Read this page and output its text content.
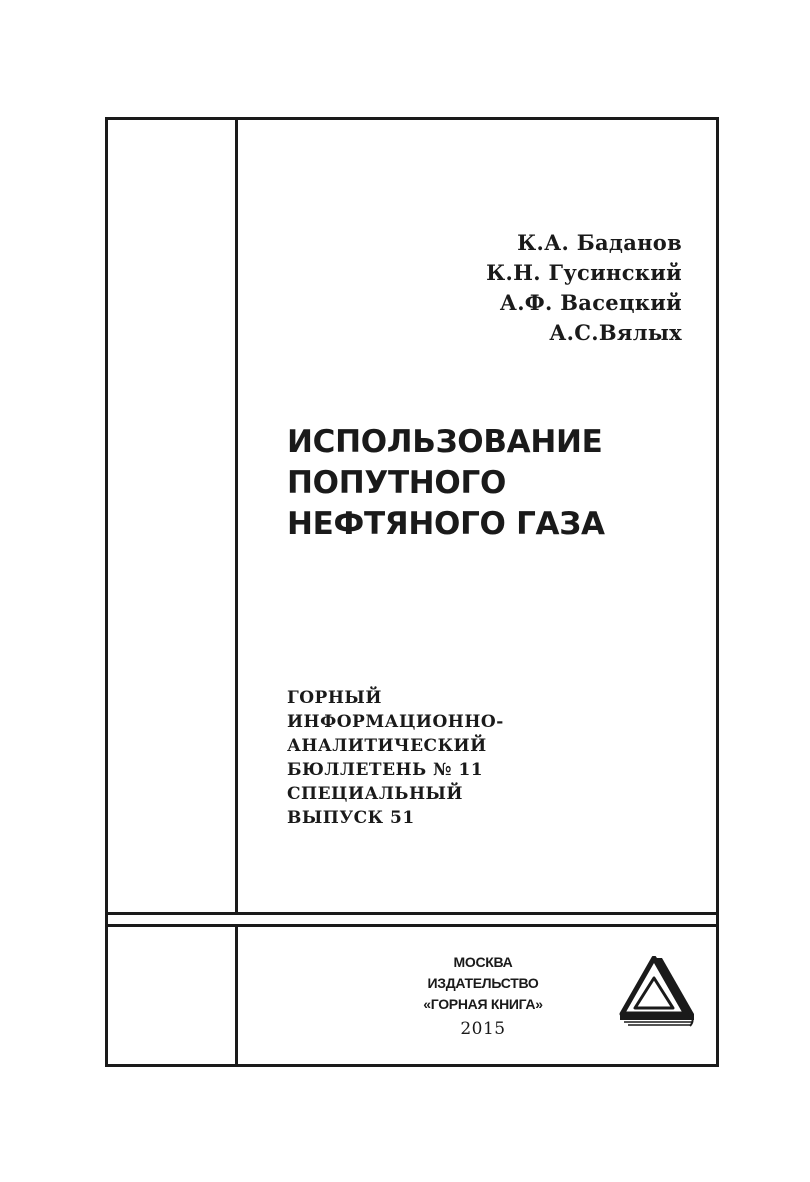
К.А. Баданов
К.Н. Гусинский
А.Ф. Васецкий
А.С.Вялых
ИСПОЛЬЗОВАНИЕ
ПОПУТНОГО
НЕФТЯНОГО ГАЗА
ГОРНЫЙ
ИНФОРМАЦИОННО-
АНАЛИТИЧЕСКИЙ
БЮЛЛЕТЕНЬ № 11
СПЕЦИАЛЬНЫЙ
ВЫПУСК 51
МОСКВА
ИЗДАТЕЛЬСТВО
«ГОРНАЯ КНИГА»
2015
